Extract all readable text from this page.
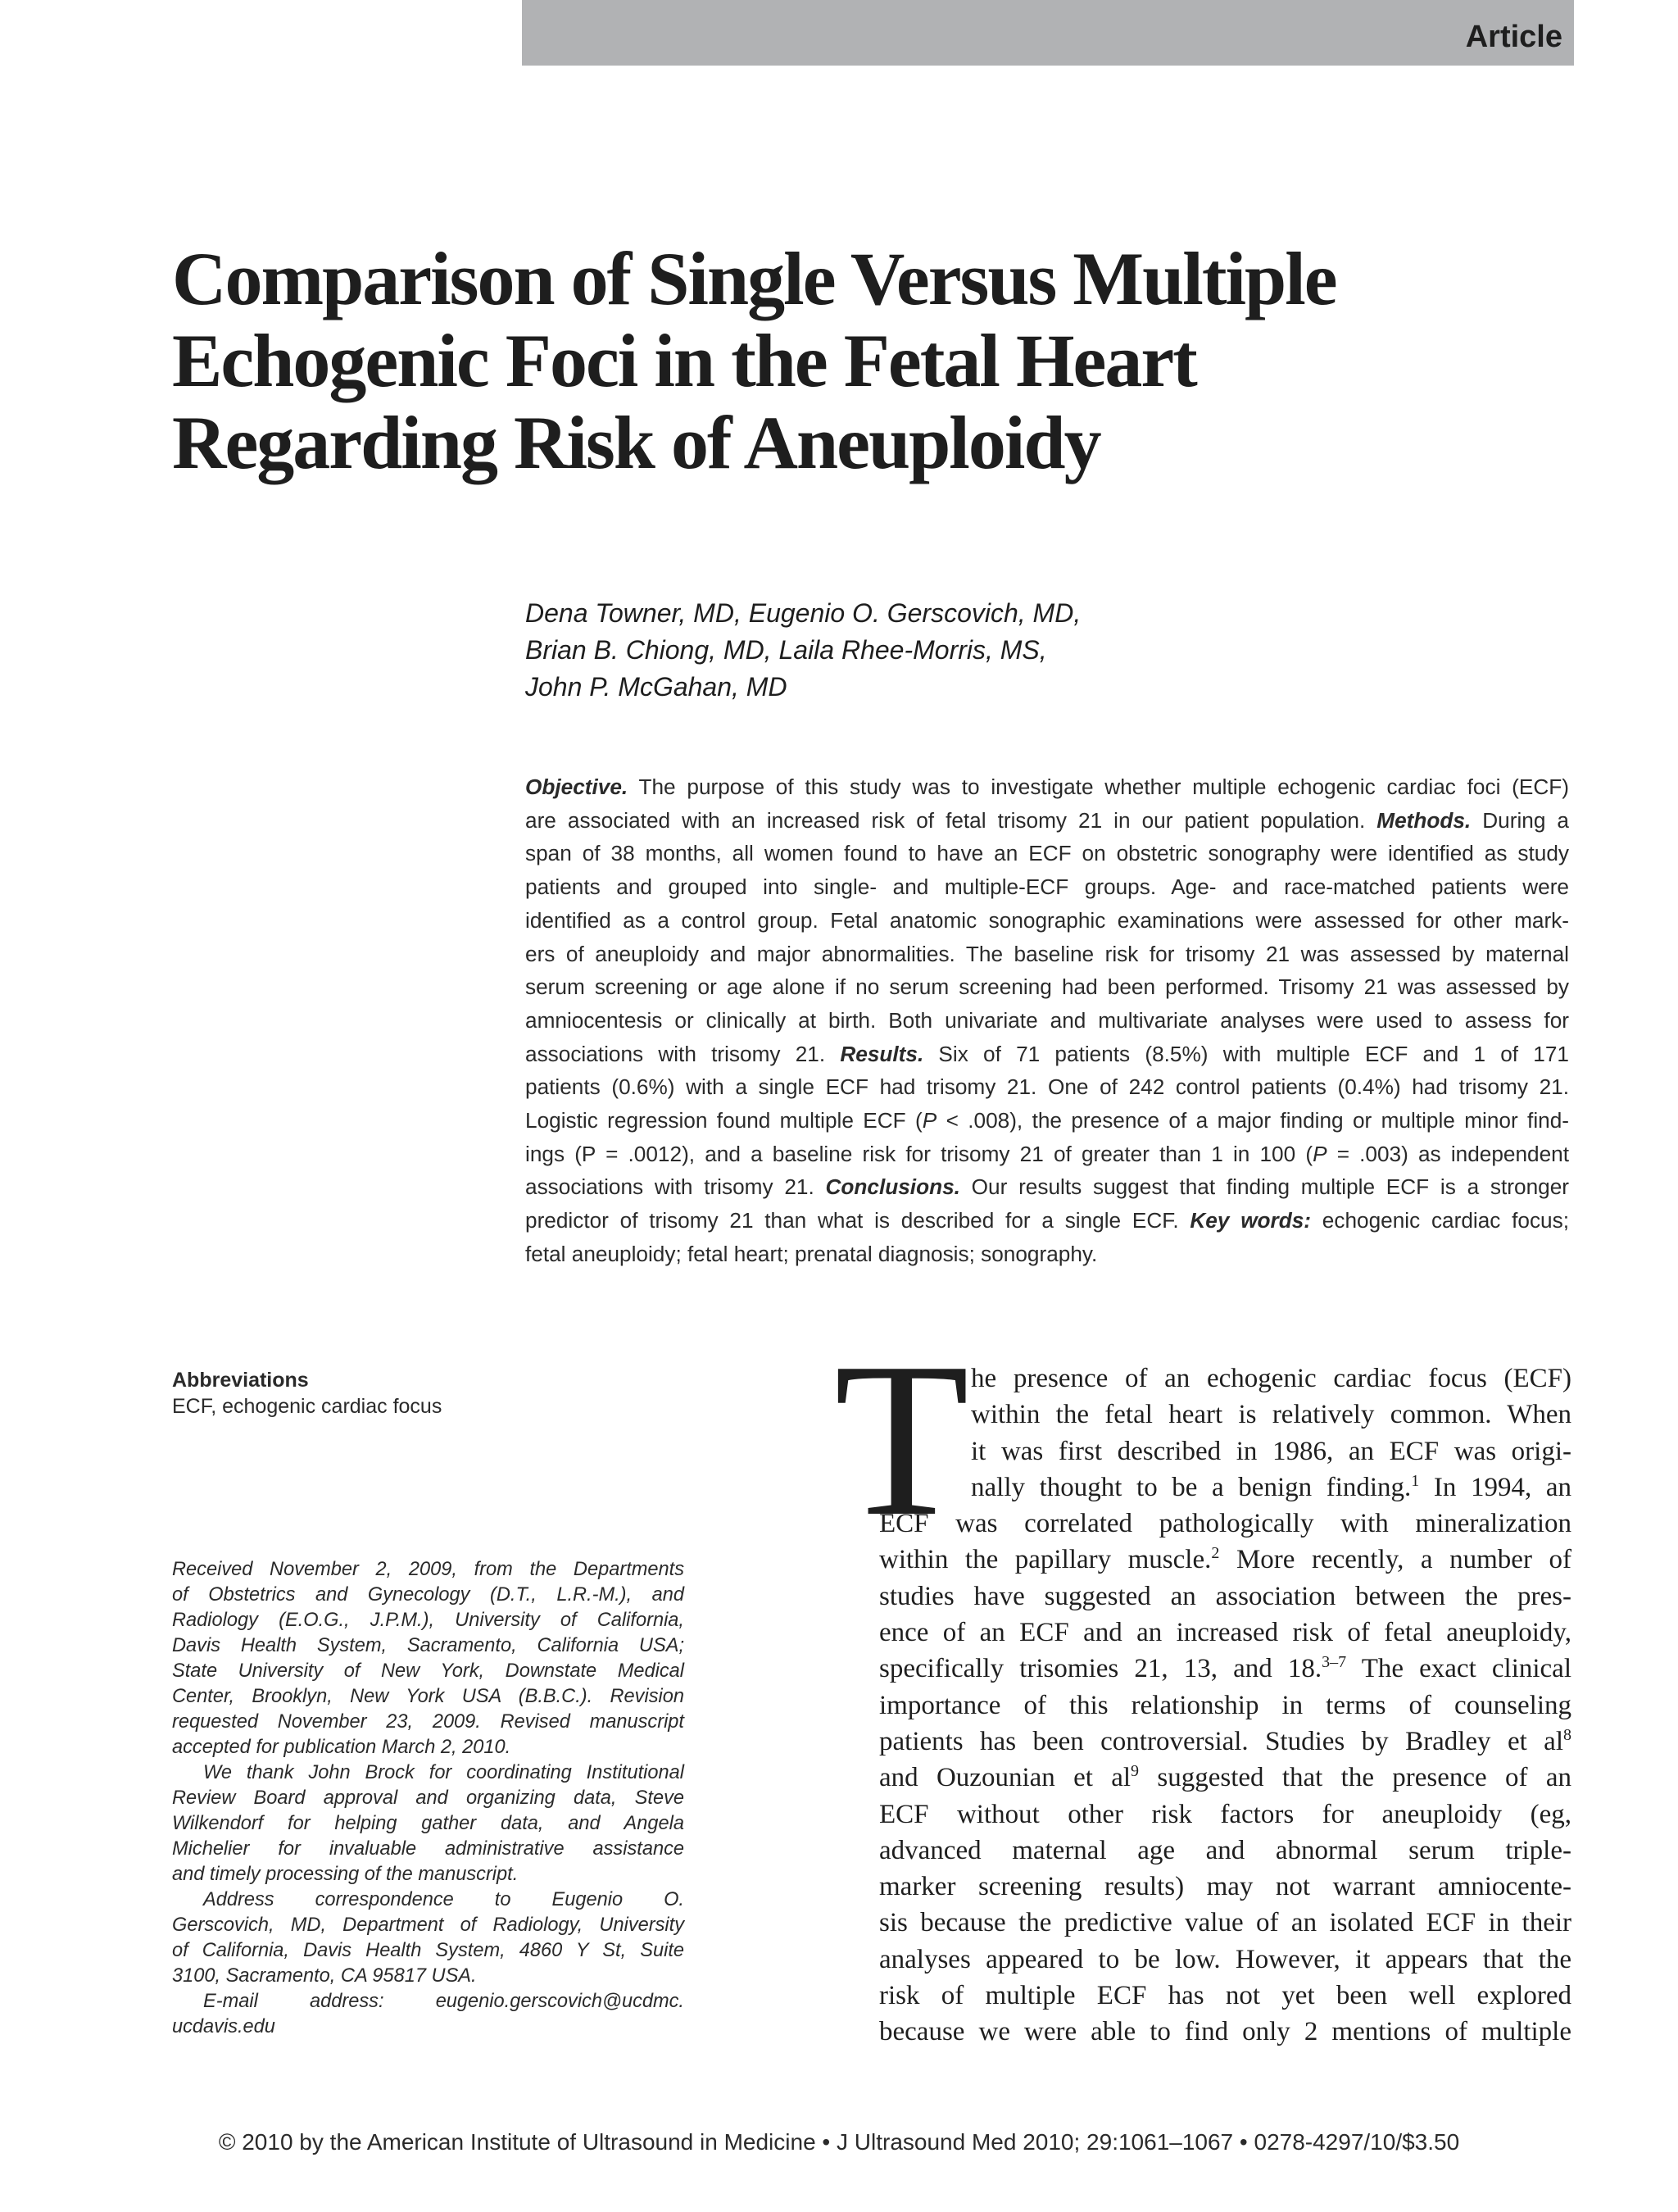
Article
Comparison of Single Versus Multiple
Echogenic Foci in the Fetal Heart
Regarding Risk of Aneuploidy
Dena Towner, MD, Eugenio O. Gerscovich, MD,
Brian B. Chiong, MD, Laila Rhee-Morris, MS,
John P. McGahan, MD
Objective. The purpose of this study was to investigate whether multiple echogenic cardiac foci (ECF)
are associated with an increased risk of fetal trisomy 21 in our patient population. Methods. During a
span of 38 months, all women found to have an ECF on obstetric sonography were identified as study
patients and grouped into single- and multiple-ECF groups. Age- and race-matched patients were
identified as a control group. Fetal anatomic sonographic examinations were assessed for other mark-
ers of aneuploidy and major abnormalities. The baseline risk for trisomy 21 was assessed by maternal
serum screening or age alone if no serum screening had been performed. Trisomy 21 was assessed by
amniocentesis or clinically at birth. Both univariate and multivariate analyses were used to assess for
associations with trisomy 21. Results. Six of 71 patients (8.5%) with multiple ECF and 1 of 171
patients (0.6%) with a single ECF had trisomy 21. One of 242 control patients (0.4%) had trisomy 21.
Logistic regression found multiple ECF (P < .008), the presence of a major finding or multiple minor find-
ings (P = .0012), and a baseline risk for trisomy 21 of greater than 1 in 100 (P = .003) as independent
associations with trisomy 21. Conclusions. Our results suggest that finding multiple ECF is a stronger
predictor of trisomy 21 than what is described for a single ECF. Key words: echogenic cardiac focus;
fetal aneuploidy; fetal heart; prenatal diagnosis; sonography.
Abbreviations
ECF, echogenic cardiac focus
Received November 2, 2009, from the Departments
of Obstetrics and Gynecology (D.T., L.R.-M.), and
Radiology (E.O.G., J.P.M.), University of California,
Davis Health System, Sacramento, California USA;
State University of New York, Downstate Medical
Center, Brooklyn, New York USA (B.B.C.). Revision
requested November 23, 2009. Revised manuscript
accepted for publication March 2, 2010.
We thank John Brock for coordinating Institutional
Review Board approval and organizing data, Steve
Wilkendorf for helping gather data, and Angela
Michelier for invaluable administrative assistance
and timely processing of the manuscript.
Address correspondence to Eugenio O.
Gerscovich, MD, Department of Radiology, University
of California, Davis Health System, 4860 Y St, Suite
3100, Sacramento, CA 95817 USA.
E-mail address: eugenio.gerscovich@ucdmc.
ucdavis.edu
T he presence of an echogenic cardiac focus (ECF)
within the fetal heart is relatively common. When
it was first described in 1986, an ECF was origi-
nally thought to be a benign finding.$^1$ In 1994, an
ECF was correlated pathologically with mineralization
within the papillary muscle.$^2$ More recently, a number of
studies have suggested an association between the pres-
ence of an ECF and an increased risk of fetal aneuploidy,
specifically trisomies 21, 13, and 18.$^{3-7}$ The exact clinical
importance of this relationship in terms of counseling
patients has been controversial. Studies by Bradley et $al^8$
and Ouzounian et $al^9$ suggested that the presence of an
ECF without other risk factors for aneuploidy (eg,
advanced maternal age and abnormal serum triple-
marker screening results) may not warrant amniocente-
sis because the predictive value of an isolated ECF in their
analyses appeared to be low. However, it appears that the
risk of multiple ECF has not yet been well explored
because we were able to find only 2 mentions of multiple
© 2010 by the American Institute of Ultrasound in Medicine • J Ultrasound Med 2010; 29:1061–1067 • 0278-4297/10/$3.50
